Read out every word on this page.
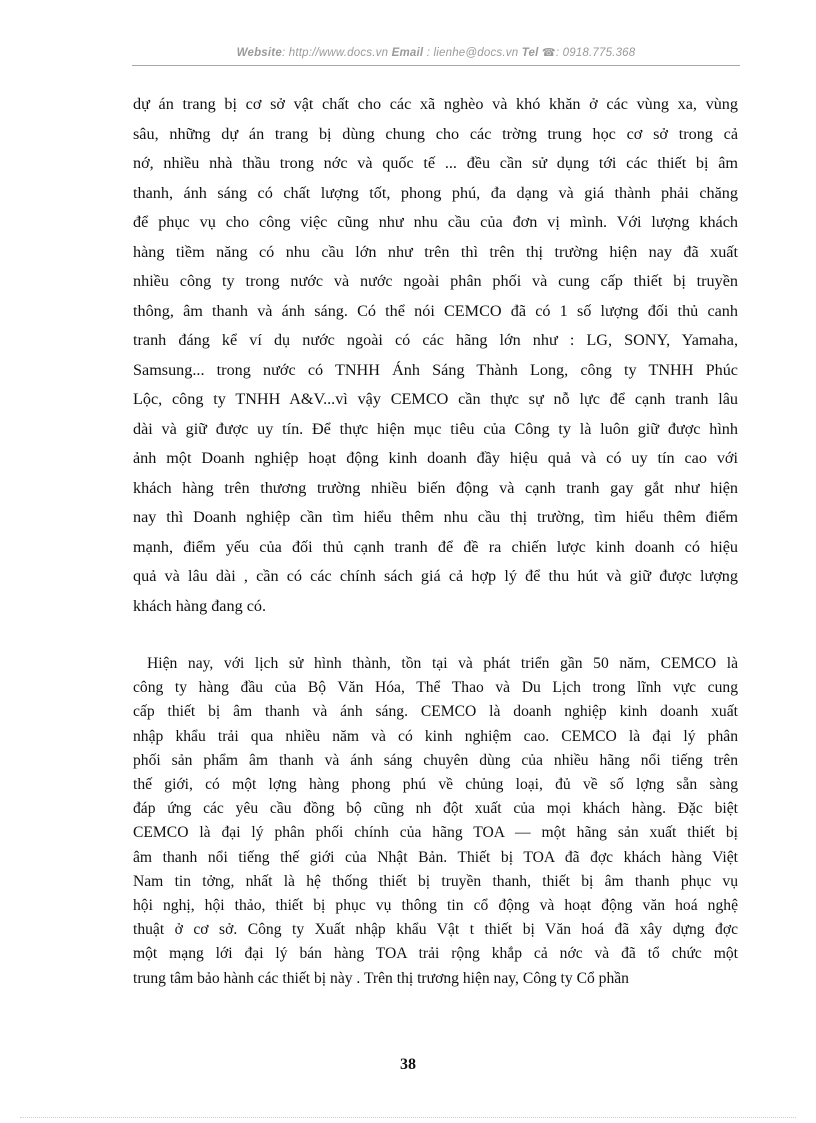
Website: http://www.docs.vn Email : lienhe@docs.vn Tel ☎: 0918.775.368
dự án trang bị cơ sở vật chất cho các xã nghèo và khó khăn ở các vùng xa, vùng
sâu, những dự án trang bị dùng chung cho các trờng trung học cơ sở trong cả
nớ, nhiều nhà thầu trong nớc và quốc tế ... đều cần sử dụng tới các thiết bị âm
thanh, ánh sáng có chất lượng tốt, phong phú, đa dạng và giá thành phải chăng
để phục vụ cho công việc cũng như nhu cầu của đơn vị mình. Với lượng khách
hàng tiềm năng có nhu cầu lớn như trên thì trên thị trường hiện nay đã xuất
nhiều công ty trong nước và nước ngoài phân phối và cung cấp thiết bị truyền
thông, âm thanh và ánh sáng. Có thể nói CEMCO đã có 1 số lượng đối thủ canh
tranh đáng kể ví dụ nước ngoài có các hãng lớn như : LG, SONY, Yamaha,
Samsung... trong nước có TNHH Ánh Sáng Thành Long, công ty TNHH Phúc
Lộc, công ty TNHH A&V...vì vậy CEMCO cần thực sự nỗ lực để cạnh tranh lâu
dài và giữ được uy tín. Để thực hiện mục tiêu của Công ty là luôn giữ được hình
ảnh một Doanh nghiệp hoạt động kinh doanh đầy hiệu quả và có uy tín cao với
khách hàng trên thương trường nhiều biến động và cạnh tranh gay gắt như hiện
nay thì Doanh nghiệp cần tìm hiểu thêm nhu cầu thị trường, tìm hiểu thêm điểm
mạnh, điểm yếu của đối thủ cạnh tranh để đề ra chiến lược kinh doanh có hiệu
quả và lâu dài , cần có các chính sách giá cả hợp lý để thu hút và giữ được lượng
khách hàng đang có.
Hiện nay, với lịch sử hình thành, tồn tại và phát triển gần 50 năm, CEMCO là
công ty hàng đầu của Bộ Văn Hóa, Thể Thao và Du Lịch trong lĩnh vực cung
cấp thiết bị âm thanh và ánh sáng. CEMCO là doanh nghiệp kinh doanh xuất
nhập khẩu trải qua nhiều năm và có kinh nghiệm cao. CEMCO là đại lý phân
phối sản phẩm âm thanh và ánh sáng chuyên dùng của nhiều hãng nổi tiếng trên
thế giới, có một lợng hàng phong phú về chủng loại, đủ về số lợng sẵn sàng
đáp ứng các yêu cầu đồng bộ cũng nh đột xuất của mọi khách hàng. Đặc biệt
CEMCO là đại lý phân phối chính của hãng TOA — một hãng sản xuất thiết bị
âm thanh nổi tiếng thế giới của Nhật Bản. Thiết bị TOA đã đợc khách hàng Việt
Nam tin tởng, nhất là hệ thống thiết bị truyền thanh, thiết bị âm thanh phục vụ
hội nghị, hội thảo, thiết bị phục vụ thông tin cổ động và hoạt động văn hoá nghệ
thuật ở cơ sở. Công ty Xuất nhập khẩu Vật t thiết bị Văn hoá đã xây dựng đợc
một mạng lới đại lý bán hàng TOA trải rộng khắp cả nớc và đã tổ chức một
trung tâm bảo hành các thiết bị này . Trên thị trương hiện nay, Công ty Cổ phần
38
